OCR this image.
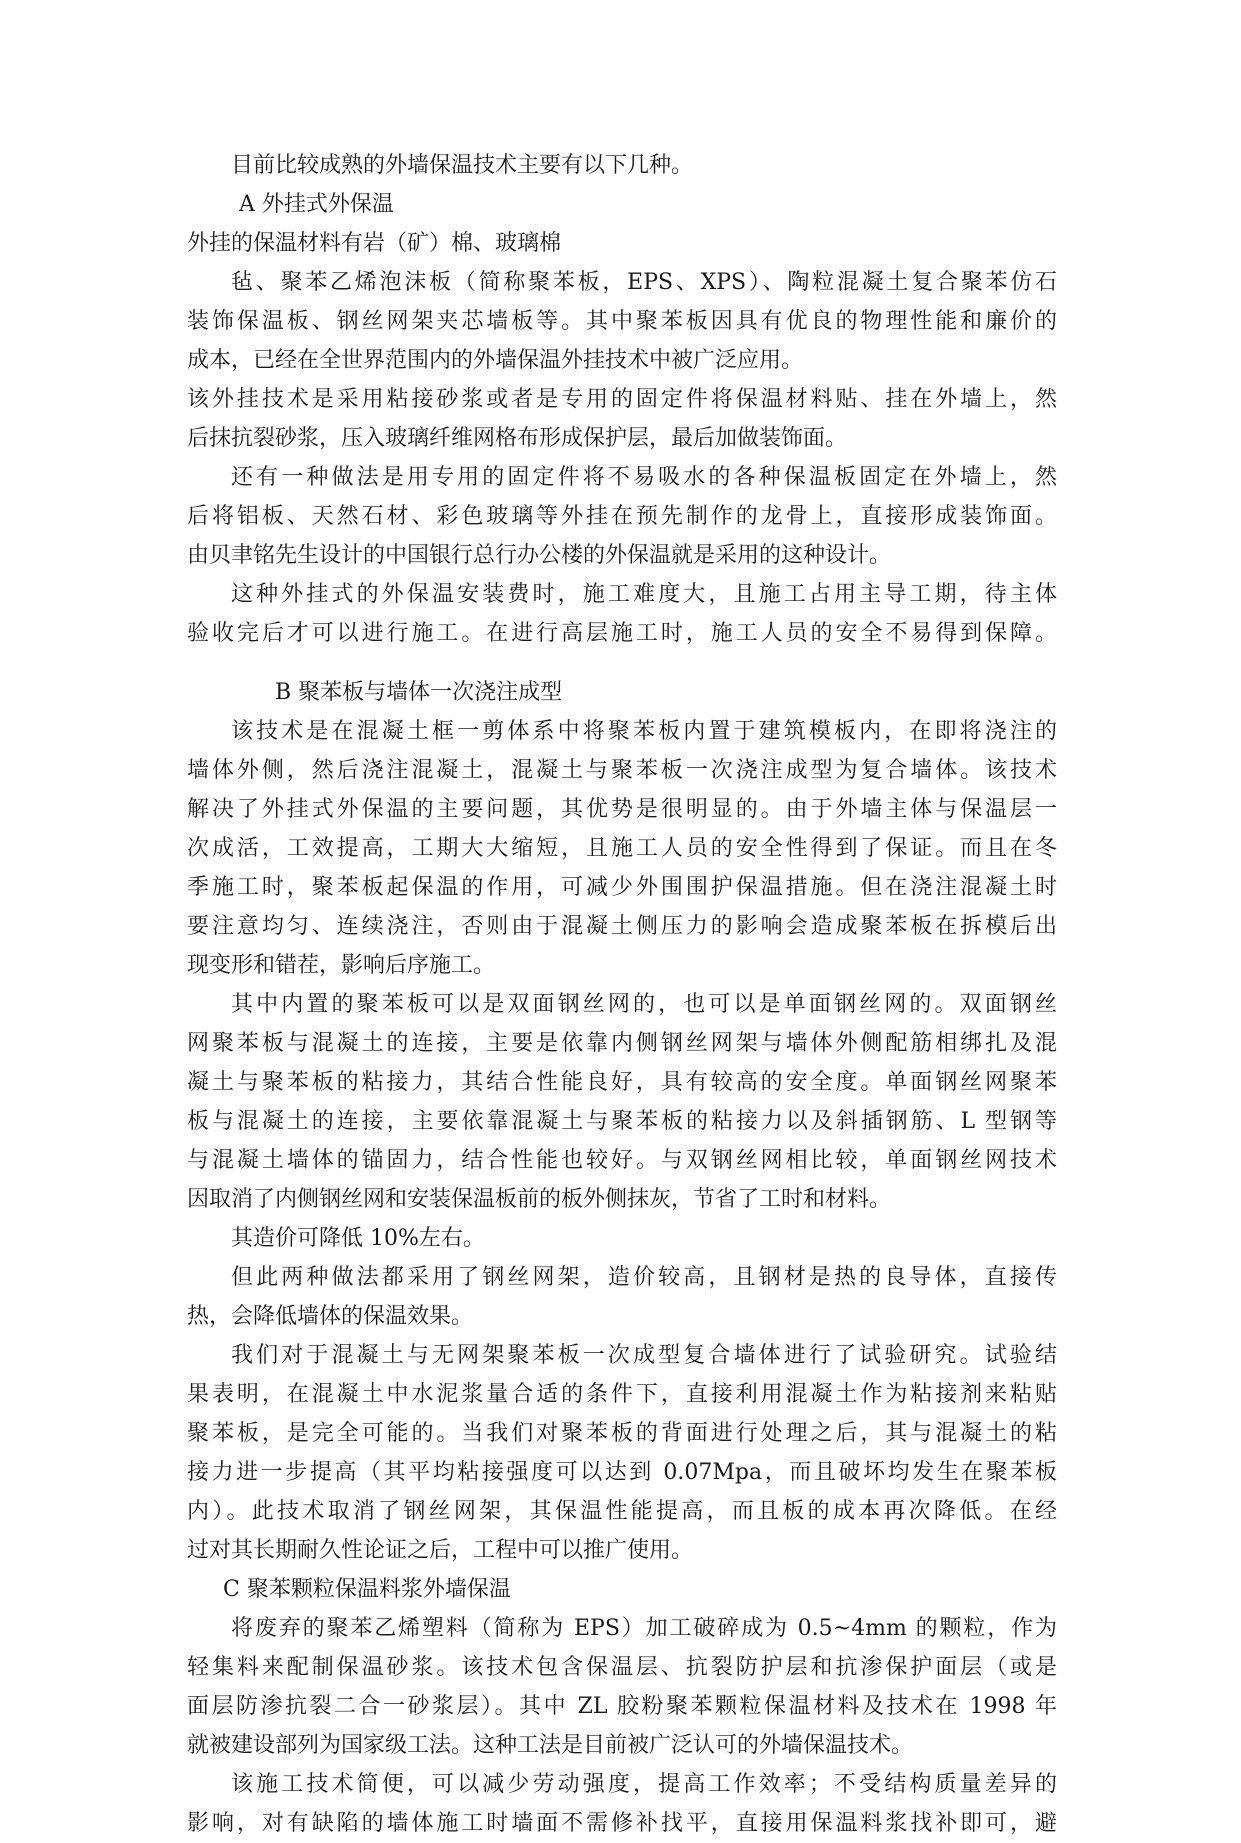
目前比较成熟的外墙保温技术主要有以下几种。
A 外挂式外保温
外挂的保温材料有岩（矿）棉、玻璃棉
毡、聚苯乙烯泡沫板（简称聚苯板，EPS、XPS）、陶粒混凝土复合聚苯仿石
装饰保温板、钢丝网架夹芯墙板等。其中聚苯板因具有优良的物理性能和廉价的
成本，已经在全世界范围内的外墙保温外挂技术中被广泛应用。
该外挂技术是采用粘接砂浆或者是专用的固定件将保温材料贴、挂在外墙上，然
后抹抗裂砂浆，压入玻璃纤维网格布形成保护层，最后加做装饰面。
还有一种做法是用专用的固定件将不易吸水的各种保温板固定在外墙上，然
后将铝板、天然石材、彩色玻璃等外挂在预先制作的龙骨上，直接形成装饰面。
由贝聿铭先生设计的中国银行总行办公楼的外保温就是采用的这种设计。
这种外挂式的外保温安装费时，施工难度大，且施工占用主导工期，待主体
验收完后才可以进行施工。在进行高层施工时，施工人员的安全不易得到保障。
B 聚苯板与墙体一次浇注成型
该技术是在混凝土框一剪体系中将聚苯板内置于建筑模板内，在即将浇注的
墙体外侧，然后浇注混凝土，混凝土与聚苯板一次浇注成型为复合墙体。该技术
解决了外挂式外保温的主要问题，其优势是很明显的。由于外墙主体与保温层一
次成活，工效提高，工期大大缩短，且施工人员的安全性得到了保证。而且在冬
季施工时，聚苯板起保温的作用，可减少外围围护保温措施。但在浇注混凝土时
要注意均匀、连续浇注，否则由于混凝土侧压力的影响会造成聚苯板在拆模后出
现变形和错茬，影响后序施工。
其中内置的聚苯板可以是双面钢丝网的，也可以是单面钢丝网的。双面钢丝
网聚苯板与混凝土的连接，主要是依靠内侧钢丝网架与墙体外侧配筋相绑扎及混
凝土与聚苯板的粘接力，其结合性能良好，具有较高的安全度。单面钢丝网聚苯
板与混凝土的连接，主要依靠混凝土与聚苯板的粘接力以及斜插钢筋、L 型钢等
与混凝土墙体的锚固力，结合性能也较好。与双钢丝网相比较，单面钢丝网技术
因取消了内侧钢丝网和安装保温板前的板外侧抹灰，节省了工时和材料。
其造价可降低 10%左右。
但此两种做法都采用了钢丝网架，造价较高，且钢材是热的良导体，直接传
热，会降低墙体的保温效果。
我们对于混凝土与无网架聚苯板一次成型复合墙体进行了试验研究。试验结
果表明，在混凝土中水泥浆量合适的条件下，直接利用混凝土作为粘接剂来粘贴
聚苯板，是完全可能的。当我们对聚苯板的背面进行处理之后，其与混凝土的粘
接力进一步提高（其平均粘接强度可以达到 0.07Mpa，而且破坏均发生在聚苯板
内）。此技术取消了钢丝网架，其保温性能提高，而且板的成本再次降低。在经
过对其长期耐久性论证之后，工程中可以推广使用。
C 聚苯颗粒保温料浆外墙保温
将废弃的聚苯乙烯塑料（简称为 EPS）加工破碎成为 0.5~4mm 的颗粒，作为
轻集料来配制保温砂浆。该技术包含保温层、抗裂防护层和抗渗保护面层（或是
面层防渗抗裂二合一砂浆层）。其中 ZL 胶粉聚苯颗粒保温材料及技术在 1998 年
就被建设部列为国家级工法。这种工法是目前被广泛认可的外墙保温技术。
该施工技术简便，可以减少劳动强度，提高工作效率；不受结构质量差异的
影响，对有缺陷的墙体施工时墙面不需修补找平，直接用保温料浆找补即可，避
